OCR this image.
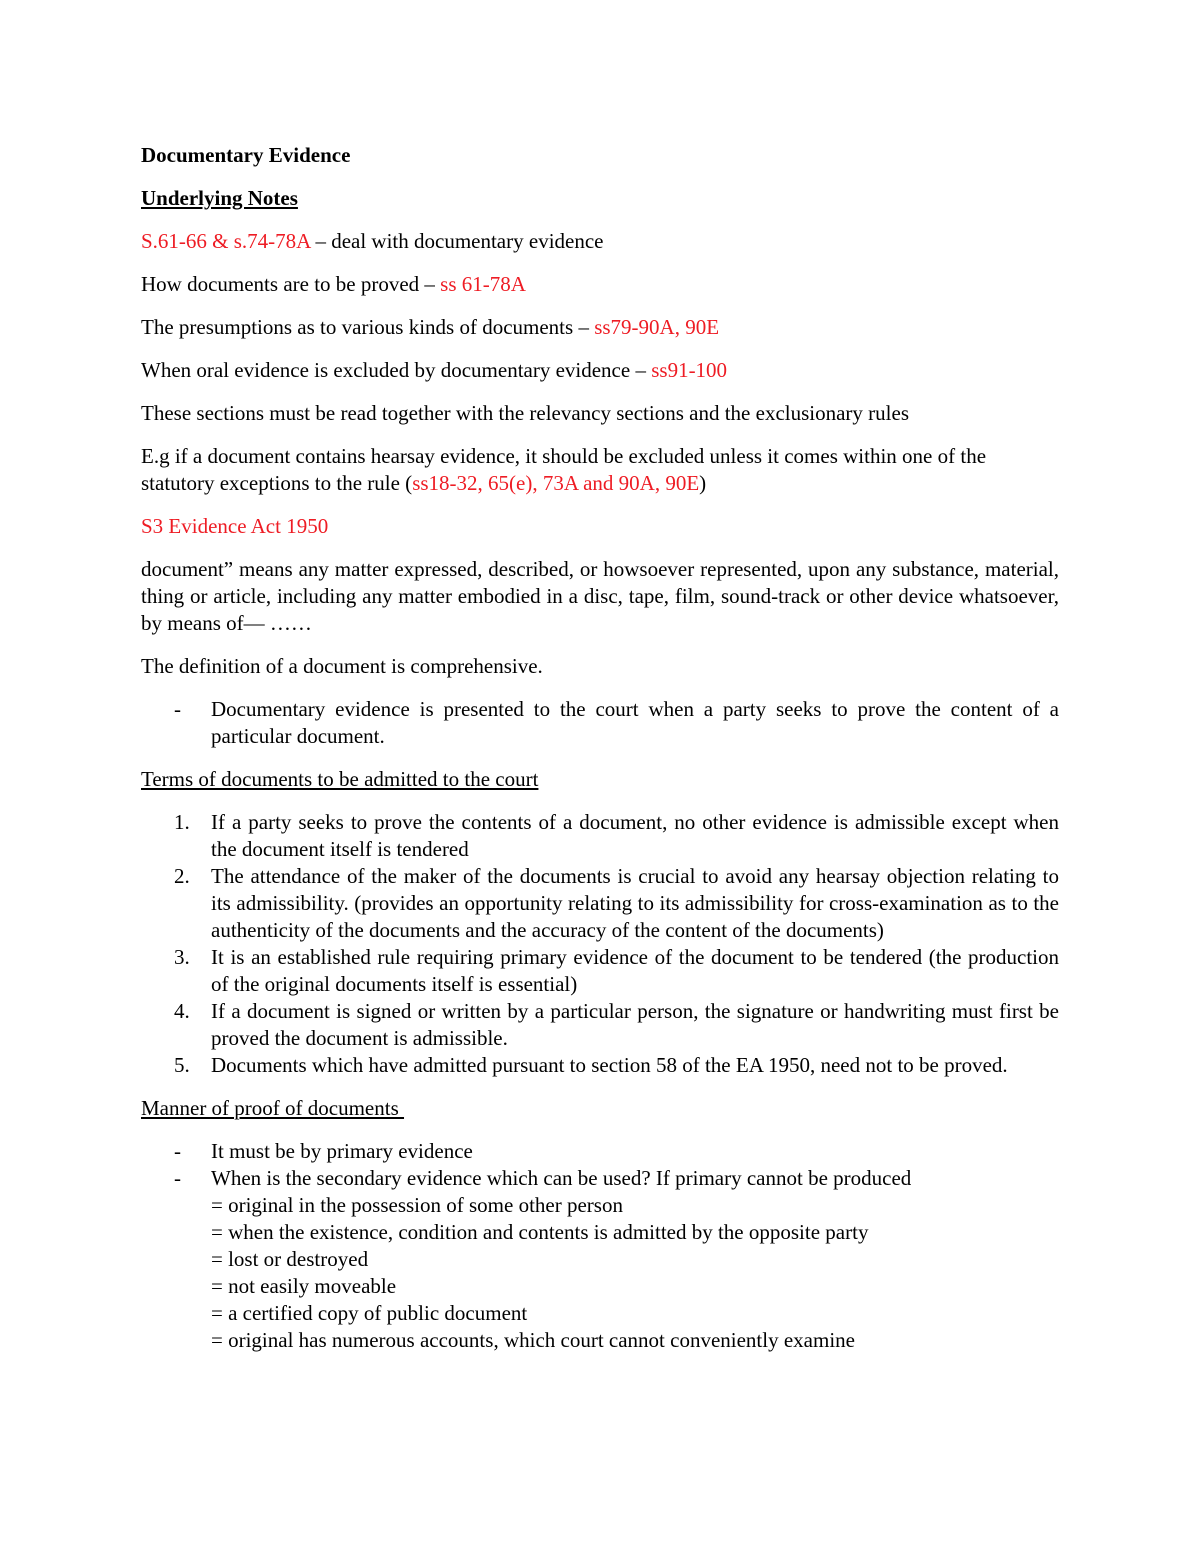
Documentary Evidence

Underlying Notes

S.61-66 & s.74-78A – deal with documentary evidence

How documents are to be proved – ss 61-78A

The presumptions as to various kinds of documents – ss79-90A, 90E

When oral evidence is excluded by documentary evidence – ss91-100

These sections must be read together with the relevancy sections and the exclusionary rules

E.g if a document contains hearsay evidence, it should be excluded unless it comes within one of the statutory exceptions to the rule (ss18-32, 65(e), 73A and 90A, 90E)

S3 Evidence Act 1950

document” means any matter expressed, described, or howsoever represented, upon any substance, material, thing or article, including any matter embodied in a disc, tape, film, sound-track or other device whatsoever, by means of— ……

The definition of a document is comprehensive.

- Documentary evidence is presented to the court when a party seeks to prove the content of a particular document.

Terms of documents to be admitted to the court

1. If a party seeks to prove the contents of a document, no other evidence is admissible except when the document itself is tendered
2. The attendance of the maker of the documents is crucial to avoid any hearsay objection relating to its admissibility. (provides an opportunity relating to its admissibility for cross-examination as to the authenticity of the documents and the accuracy of the content of the documents)
3. It is an established rule requiring primary evidence of the document to be tendered (the production of the original documents itself is essential)
4. If a document is signed or written by a particular person, the signature or handwriting must first be proved the document is admissible.
5. Documents which have admitted pursuant to section 58 of the EA 1950, need not to be proved.

Manner of proof of documents

- It must be by primary evidence
- When is the secondary evidence which can be used? If primary cannot be produced
= original in the possession of some other person
= when the existence, condition and contents is admitted by the opposite party
= lost or destroyed
= not easily moveable
= a certified copy of public document
= original has numerous accounts, which court cannot conveniently examine
